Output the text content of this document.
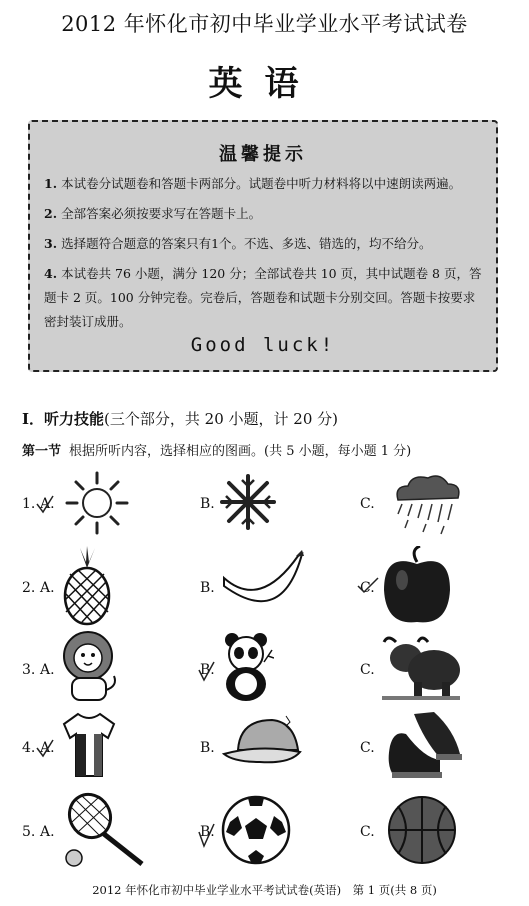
2012 年怀化市初中毕业学业水平考试试卷
英语
温馨提示
1. 本试卷分试题卷和答题卡两部分。试题卷中听力材料将以中速朗读两遍。
2. 全部答案必须按要求写在答题卡上。
3. 选择题符合题意的答案只有1个。不选、多选、错选的，均不给分。
4. 本试卷共 76 小题，满分 120 分；全部试卷共 10 页，其中试题卷 8 页，答题卡 2 页。100 分钟完卷。完卷后，答题卷和试题卡分别交回。答题卡按要求密封装订成册。
Good luck!
I．听力技能(三个部分，共 20 小题，计 20 分)
第一节 根据所听内容，选择相应的图画。(共 5 小题，每小题 1 分)
1. A.	B.	C.
2. A.	B.	C.
3. A.	B.	C.
4. A.	B.	C.
5. A.	B.	C.
2012 年怀化市初中毕业学业水平考试试卷(英语)　第 1 页(共 8 页)
